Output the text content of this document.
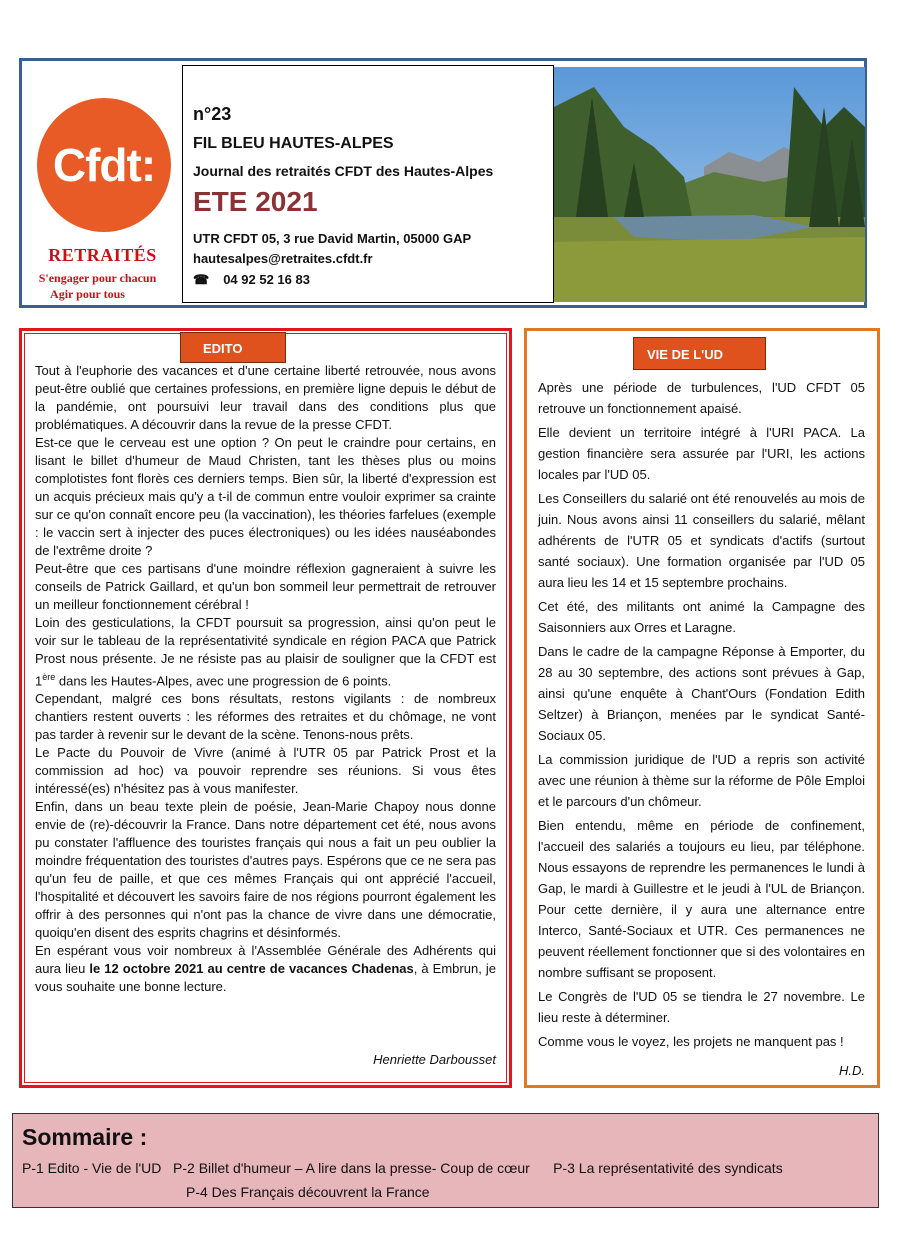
Cfdt:
RETRAITÉS
S'engager pour chacun
Agir pour tous
n°23
FIL BLEU HAUTES-ALPES
Journal des retraités CFDT des Hautes-Alpes
ETE 2021
UTR CFDT 05, 3 rue David Martin, 05000 GAP
hautesalpes@retraites.cfdt.fr
☎ 04 92 52 16 83
EDITO

Tout à l'euphorie des vacances et d'une certaine liberté retrouvée, nous avons peut-être oublié que certaines professions, en première ligne depuis le début de la pandémie, ont poursuivi leur travail dans des conditions plus que problématiques. A découvrir dans la revue de la presse CFDT.

Est-ce que le cerveau est une option ? On peut le craindre pour certains, en lisant le billet d'humeur de Maud Christen, tant les thèses plus ou moins complotistes font florès ces derniers temps. Bien sûr, la liberté d'expression est un acquis précieux mais qu'y a t-il de commun entre vouloir exprimer sa crainte sur ce qu'on connaît encore peu (la vaccination), les théories farfelues (exemple : le vaccin sert à injecter des puces électroniques) ou les idées nauséabondes de l'extrême droite ?

Peut-être que ces partisans d'une moindre réflexion gagneraient à suivre les conseils de Patrick Gaillard, et qu'un bon sommeil leur permettrait de retrouver un meilleur fonctionnement cérébral !

Loin des gesticulations, la CFDT poursuit sa progression, ainsi qu'on peut le voir sur le tableau de la représentativité syndicale en région PACA que Patrick Prost nous présente. Je ne résiste pas au plaisir de souligner que la CFDT est 1ère dans les Hautes-Alpes, avec une progression de 6 points.

Cependant, malgré ces bons résultats, restons vigilants : de nombreux chantiers restent ouverts : les réformes des retraites et du chômage, ne vont pas tarder à revenir sur le devant de la scène. Tenons-nous prêts.

Le Pacte du Pouvoir de Vivre (animé à l'UTR 05 par Patrick Prost et la commission ad hoc) va pouvoir reprendre ses réunions. Si vous êtes intéressé(es) n'hésitez pas à vous manifester.

Enfin, dans un beau texte plein de poésie, Jean-Marie Chapoy nous donne envie de (re)-découvrir la France. Dans notre département cet été, nous avons pu constater l'affluence des touristes français qui nous a fait un peu oublier la moindre fréquentation des touristes d'autres pays. Espérons que ce ne sera pas qu'un feu de paille, et que ces mêmes Français qui ont apprécié l'accueil, l'hospitalité et découvert les savoirs faire de nos régions pourront également les offrir à des personnes qui n'ont pas la chance de vivre dans une démocratie, quoiqu'en disent des esprits chagrins et désinformés.

En espérant vous voir nombreux à l'Assemblée Générale des Adhérents qui aura lieu le 12 octobre 2021 au centre de vacances Chadenas, à Embrun, je vous souhaite une bonne lecture.

Henriette Darbousset
VIE DE L'UD

Après une période de turbulences, l'UD CFDT 05 retrouve un fonctionnement apaisé.

Elle devient un territoire intégré à l'URI PACA. La gestion financière sera assurée par l'URI, les actions locales par l'UD 05.

Les Conseillers du salarié ont été renouvelés au mois de juin. Nous avons ainsi 11 conseillers du salarié, mêlant adhérents de l'UTR 05 et syndicats d'actifs (surtout santé sociaux). Une formation organisée par l'UD 05 aura lieu les 14 et 15 septembre prochains.

Cet été, des militants ont animé la Campagne des Saisonniers aux Orres et Laragne.

Dans le cadre de la campagne Réponse à Emporter, du 28 au 30 septembre, des actions sont prévues à Gap, ainsi qu'une enquête à Chant'Ours (Fondation Edith Seltzer) à Briançon, menées par le syndicat Santé-Sociaux 05.

La commission juridique de l'UD a repris son activité avec une réunion à thème sur la réforme de Pôle Emploi et le parcours d'un chômeur.

Bien entendu, même en période de confinement, l'accueil des salariés a toujours eu lieu, par téléphone. Nous essayons de reprendre les permanences le lundi à Gap, le mardi à Guillestre et le jeudi à l'UL de Briançon. Pour cette dernière, il y aura une alternance entre Interco, Santé-Sociaux et UTR. Ces permanences ne peuvent réellement fonctionner que si des volontaires en nombre suffisant se proposent.

Le Congrès de l'UD 05 se tiendra le 27 novembre. Le lieu reste à déterminer.

Comme vous le voyez, les projets ne manquent pas !

H.D.
Sommaire :
P-1 Edito - Vie de l'UD P-2 Billet d'humeur – A lire dans la presse- Coup de cœur P-3 La représentativité des syndicats
P-4 Des Français découvrent la France
